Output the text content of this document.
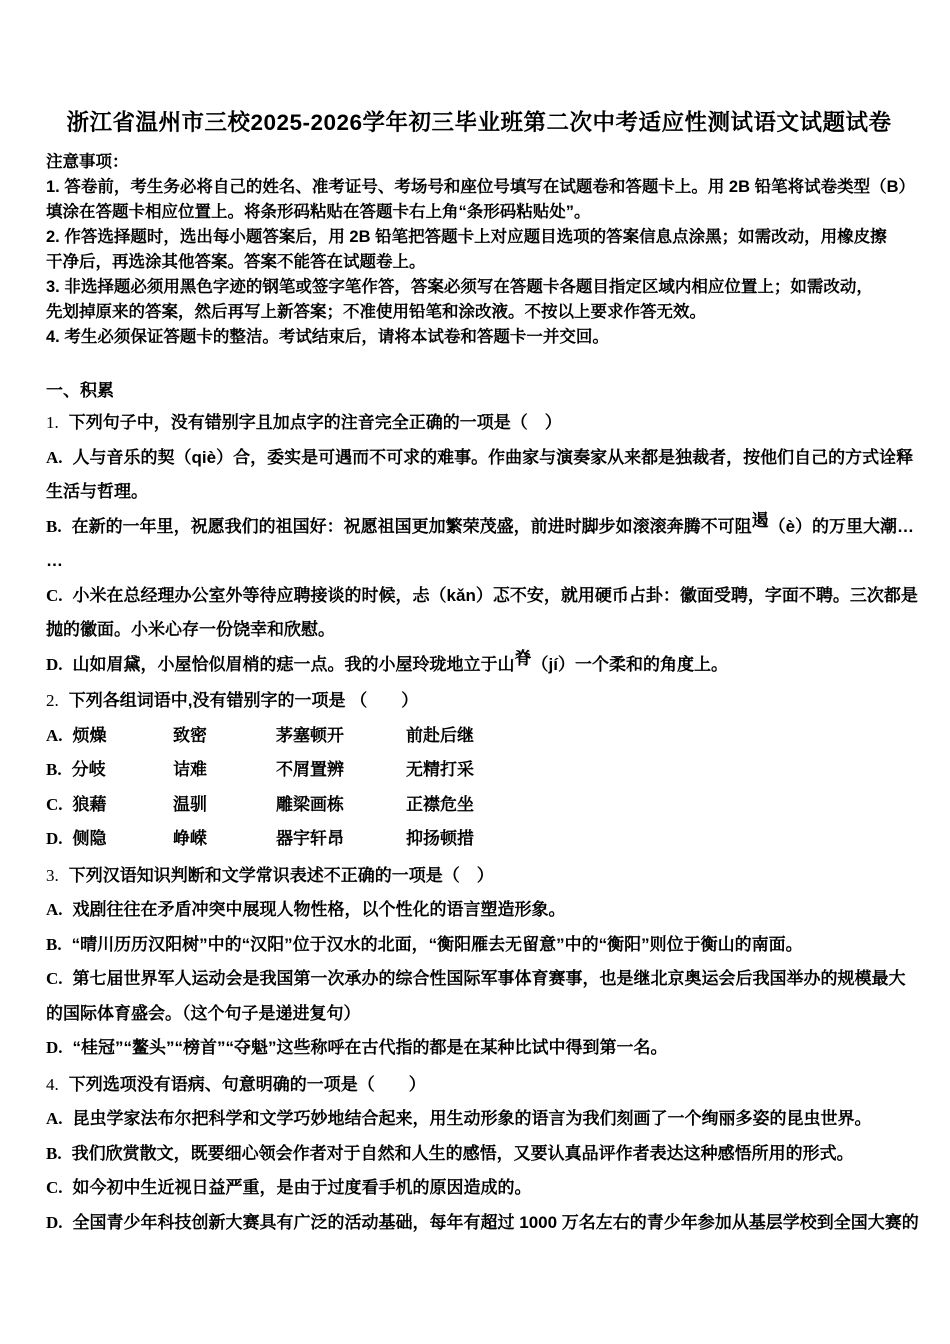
浙江省温州市三校2025-2026学年初三毕业班第二次中考适应性测试语文试题试卷
注意事项：
1. 答卷前，考生务必将自己的姓名、准考证号、考场号和座位号填写在试题卷和答题卡上。用 2B 铅笔将试卷类型（B）
填涂在答题卡相应位置上。将条形码粘贴在答题卡右上角“条形码粘贴处”。
2. 作答选择题时，选出每小题答案后，用 2B 铅笔把答题卡上对应题目选项的答案信息点涂黑；如需改动，用橡皮擦
干净后，再选涂其他答案。答案不能答在试题卷上。
3. 非选择题必须用黑色字迹的钢笔或签字笔作答，答案必须写在答题卡各题目指定区域内相应位置上；如需改动，
先划掉原来的答案，然后再写上新答案；不准使用铅笔和涂改液。不按以上要求作答无效。
4. 考生必须保证答题卡的整洁。考试结束后，请将本试卷和答题卡一并交回。
一、积累
1. 下列句子中，没有错别字且加点字的注音完全正确的一项是（　）
A. 人与音乐的契（qiè）合，委实是可遇而不可求的难事。作曲家与演奏家从来都是独裁者，按他们自己的方式诠释
生活与哲理。
B. 在新的一年里，祝愿我们的祖国好：祝愿祖国更加繁荣茂盛，前进时脚步如滚滚奔腾不可阻遏（è）的万里大潮…
…
C. 小米在总经理办公室外等待应聘接谈的时候，忐（kǎn）忑不安，就用硬币占卦：徽面受聘，字面不聘。三次都是
抛的徽面。小米心存一份饶幸和欣慰。
D. 山如眉黛，小屋恰似眉梢的痣一点。我的小屋玲珑地立于山脊（jí）一个柔和的角度上。
2. 下列各组词语中,没有错别字的一项是 （　　）
A. 烦燥	致密	茅塞顿开	前赴后继
B. 分岐	诘难	不屑置辨	无精打采
C. 狼藉	温驯	雕梁画栋	正襟危坐
D. 侧隐	峥嵘	器宇轩昂	抑扬顿措
3. 下列汉语知识判断和文学常识表述不正确的一项是（　）
A. 戏剧往往在矛盾冲突中展现人物性格，以个性化的语言塑造形象。
B. “晴川历历汉阳树”中的“汉阳”位于汉水的北面，“衡阳雁去无留意”中的“衡阳”则位于衡山的南面。
C. 第七届世界军人运动会是我国第一次承办的综合性国际军事体育赛事，也是继北京奥运会后我国举办的规模最大
的国际体育盛会。（这个句子是递进复句）
D. “桂冠”“鳌头”“榜首”“夺魁”这些称呼在古代指的都是在某种比试中得到第一名。
4. 下列选项没有语病、句意明确的一项是（　　）
A. 昆虫学家法布尔把科学和文学巧妙地结合起来，用生动形象的语言为我们刻画了一个绚丽多姿的昆虫世界。
B. 我们欣赏散文，既要细心领会作者对于自然和人生的感悟，又要认真品评作者表达这种感悟所用的形式。
C. 如今初中生近视日益严重，是由于过度看手机的原因造成的。
D. 全国青少年科技创新大赛具有广泛的活动基础，每年有超过 1000 万名左右的青少年参加从基层学校到全国大赛的
